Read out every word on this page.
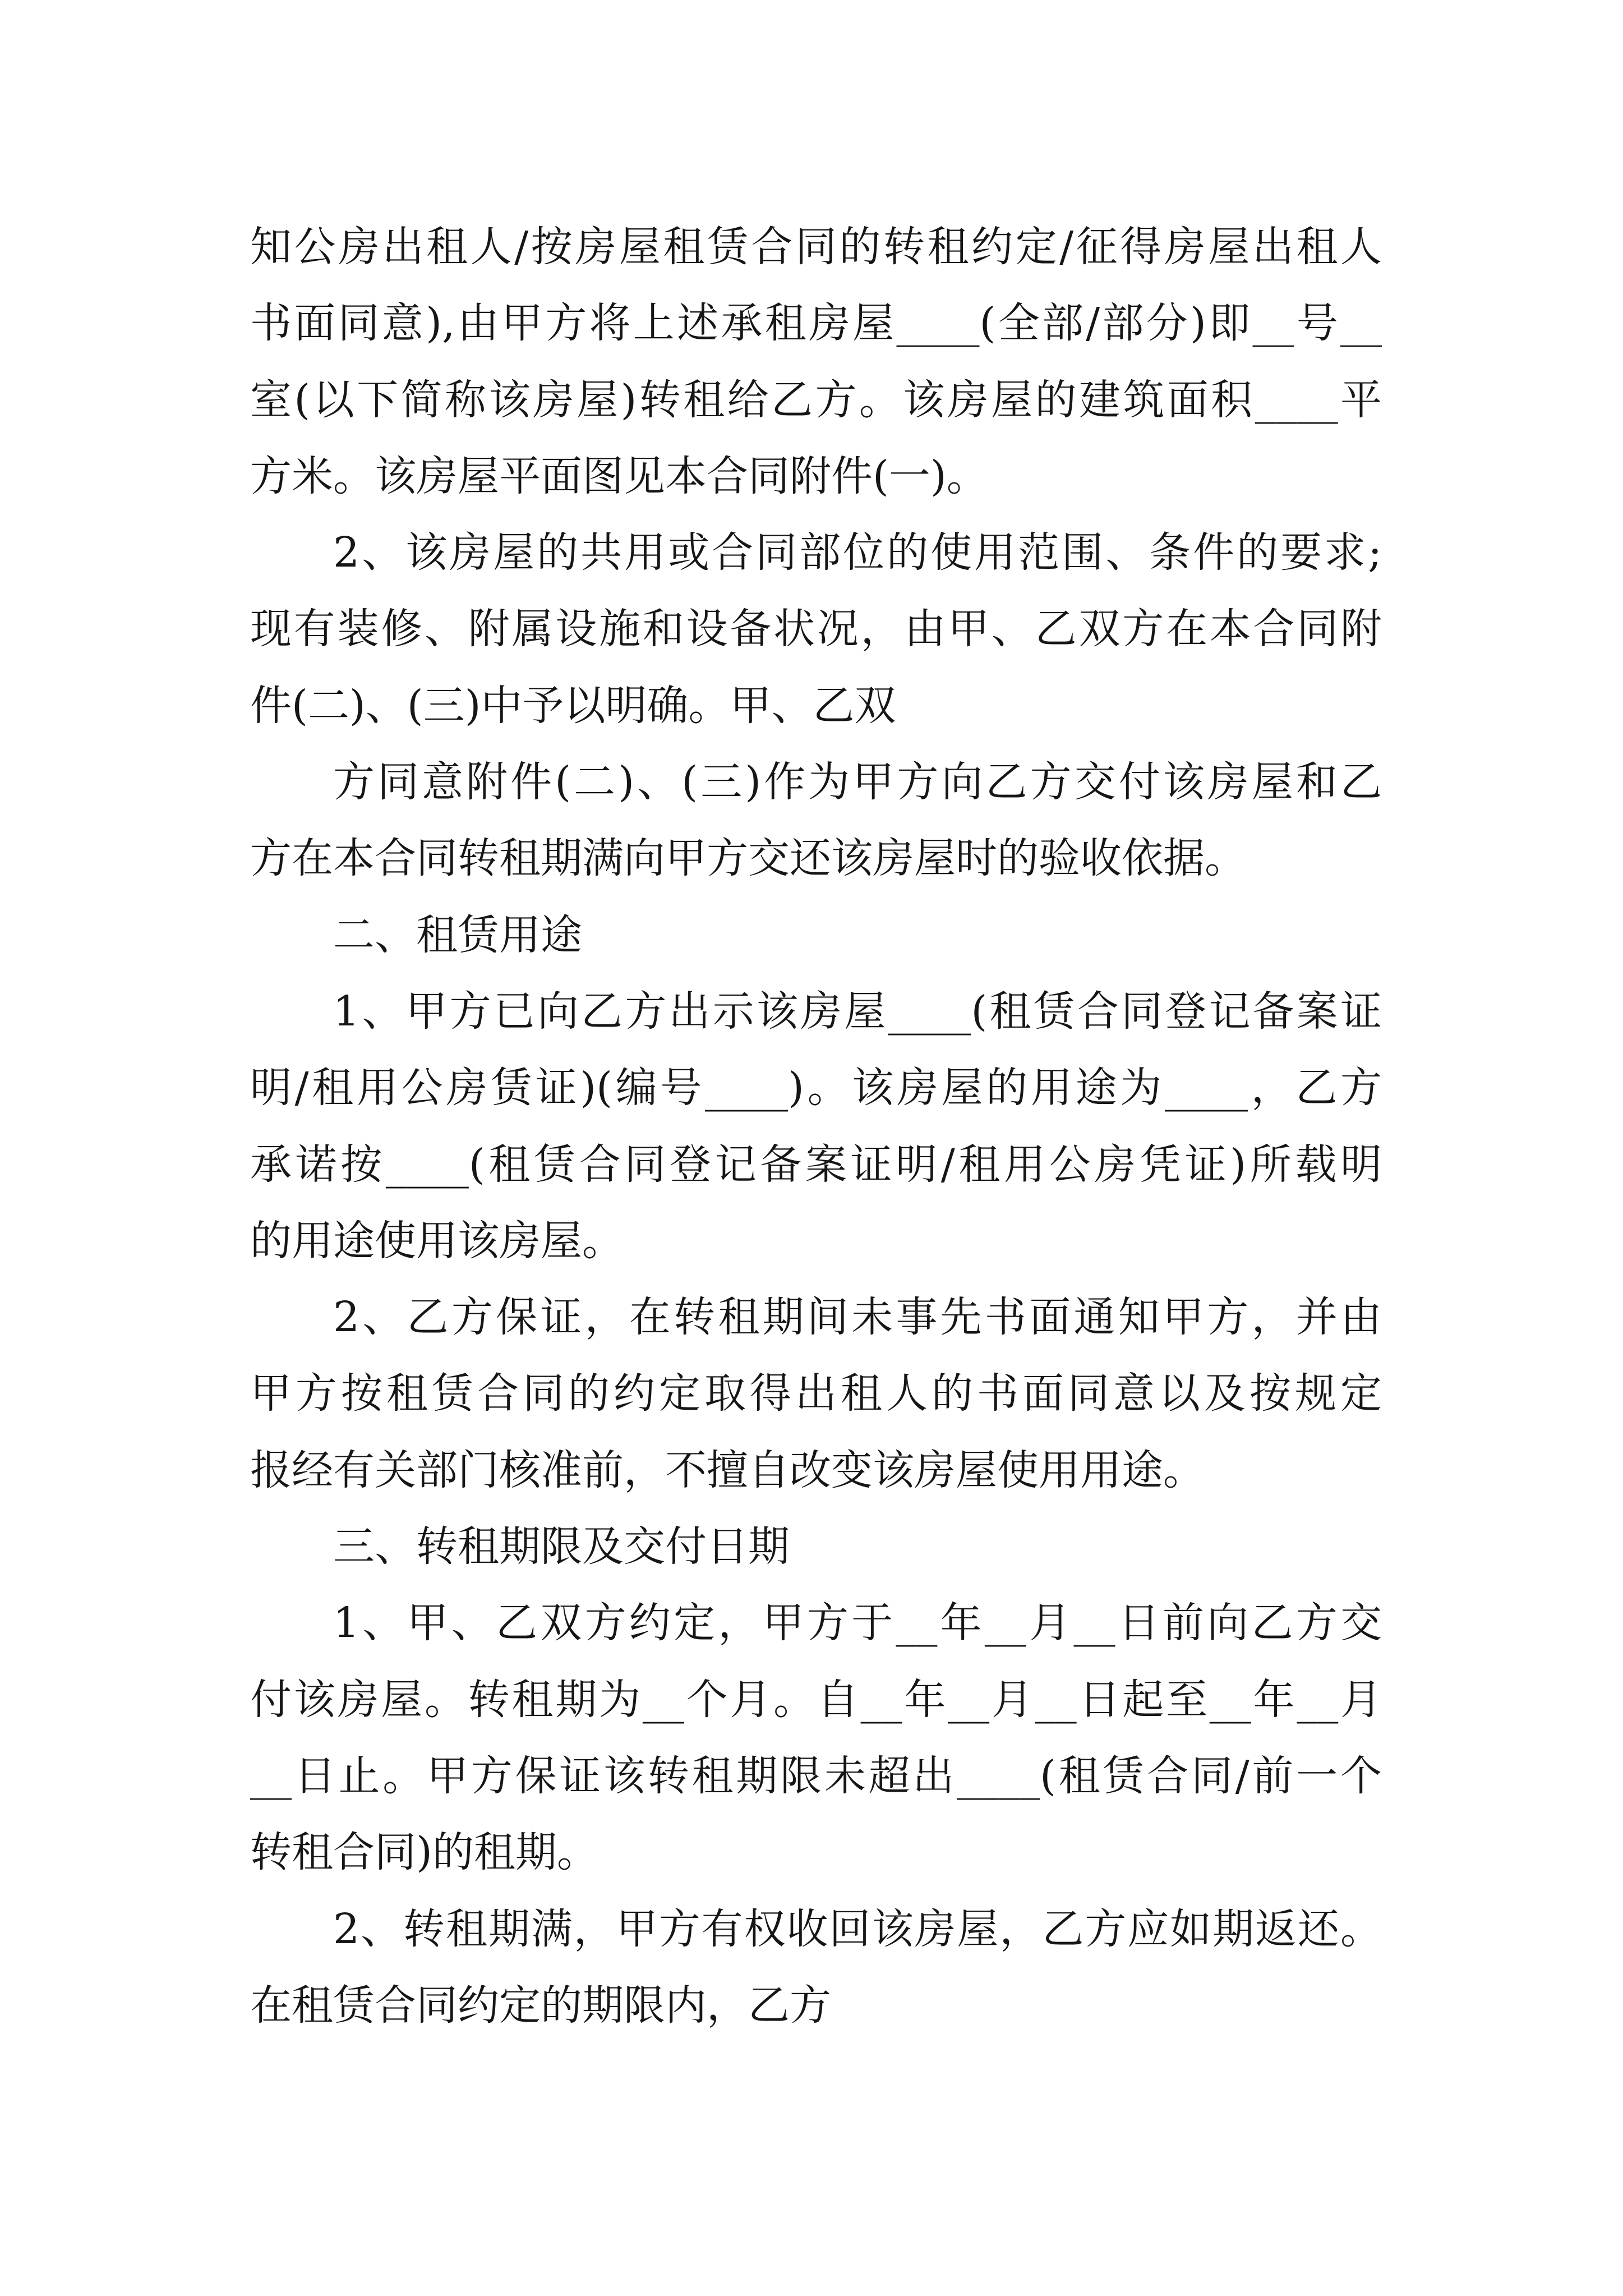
知公房出租人/按房屋租赁合同的转租约定/征得房屋出租人
书面同意),由甲方将上述承租房屋____(全部/部分)即__号__
室(以下简称该房屋)转租给乙方。该房屋的建筑面积____平
方米。该房屋平面图见本合同附件(一)。
2、该房屋的共用或合同部位的使用范围、条件的要求;
现有装修、附属设施和设备状况，由甲、乙双方在本合同附
件(二)、(三)中予以明确。甲、乙双
方同意附件(二)、(三)作为甲方向乙方交付该房屋和乙
方在本合同转租期满向甲方交还该房屋时的验收依据。
二、租赁用途
1、甲方已向乙方出示该房屋____(租赁合同登记备案证
明/租用公房赁证)(编号____)。该房屋的用途为____，乙方
承诺按____(租赁合同登记备案证明/租用公房凭证)所载明
的用途使用该房屋。
2、乙方保证，在转租期间未事先书面通知甲方，并由
甲方按租赁合同的约定取得出租人的书面同意以及按规定
报经有关部门核准前，不擅自改变该房屋使用用途。
三、转租期限及交付日期
1、甲、乙双方约定，甲方于__年__月__日前向乙方交
付该房屋。转租期为__个月。自__年__月__日起至__年__月
__日止。甲方保证该转租期限未超出____(租赁合同/前一个
转租合同)的租期。
2、转租期满，甲方有权收回该房屋，乙方应如期返还。
在租赁合同约定的期限内，乙方
